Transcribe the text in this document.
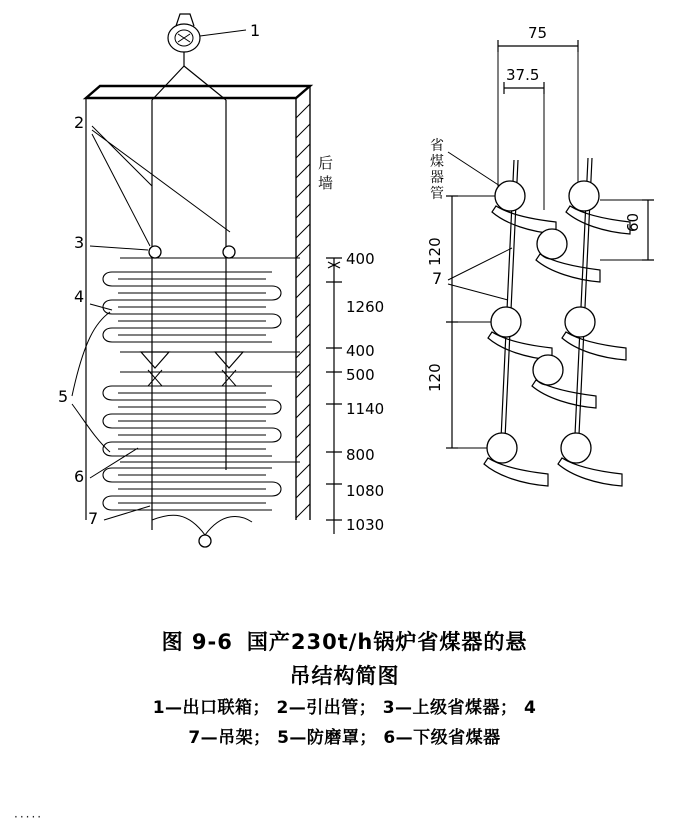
1
后
墙
2
3
4
5
6
7
400
1260
400
500
1140
800
1080
1030
75
37.5
省
煤
器
管
120
120
60
7
图 9-6 国产230t/h锅炉省煤器的悬
吊结构简图
1—出口联箱； 2—引出管； 3—上级省煤器； 4
7—吊架； 5—防磨罩； 6—下级省煤器
·····
